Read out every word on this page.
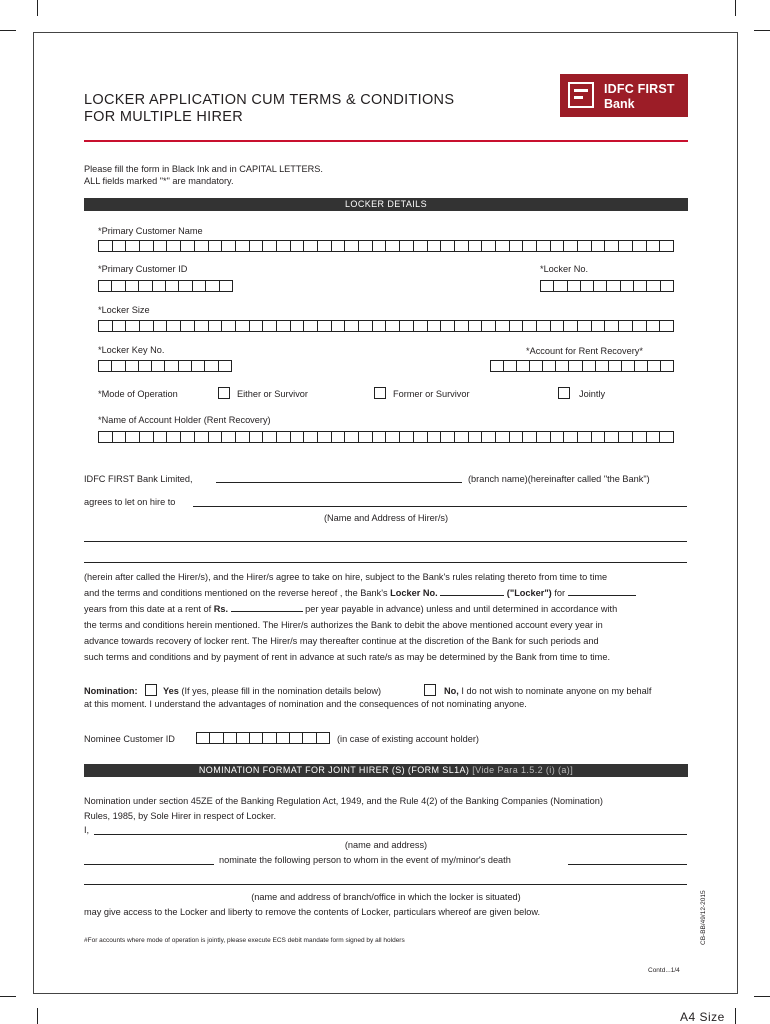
LOCKER APPLICATION CUM TERMS & CONDITIONS
FOR MULTIPLE HIRER
IDFC FIRST
Bank
Please fill the form in Black Ink and in CAPITAL LETTERS.
ALL fields marked "*" are mandatory.
LOCKER DETAILS
*Primary Customer Name
*Primary Customer ID	*Locker No.
*Locker Size
*Locker Key No.	*Account for Rent Recovery*
*Mode of Operation	Either or Survivor	Former or Survivor	Jointly
*Name of Account Holder (Rent Recovery)
IDFC FIRST Bank Limited,	(branch name)(hereinafter called "the Bank")
agrees to let on hire to
(Name and Address of Hirer/s)
(herein after called the Hirer/s), and the Hirer/s agree to take on hire, subject to the Bank's rules relating thereto from time to time
and the terms and conditions mentioned on the reverse hereof , the Bank's Locker No.	("Locker") for
years from this date at a rent of Rs.	per year payable in advance) unless and until determined in accordance with
the terms and conditions herein mentioned. The Hirer/s authorizes the Bank to debit the above mentioned account every year in
advance towards recovery of locker rent. The Hirer/s may thereafter continue at the discretion of the Bank for such periods and
such terms and conditions and by payment of rent in advance at such rate/s as may be determined by the Bank from time to time.
Nomination:	Yes (If yes, please fill in the nomination details below)	No, I do not wish to nominate anyone on my behalf
at this moment. I understand the advantages of nomination and the consequences of not nominating anyone.
Nominee Customer ID	(in case of existing account holder)
NOMINATION FORMAT FOR JOINT HIRER (S) (FORM SL1A) [Vide Para 1.5.2 (i) (a)]
Nomination under section 45ZE of the Banking Regulation Act, 1949, and the Rule 4(2) of the Banking Companies (Nomination)
Rules, 1985, by Sole Hirer in respect of Locker.
I,
(name and address)
nominate the following person to whom in the event of my/minor's death
(name and address of branch/office in which the locker is situated)
may give access to the Locker and liberty to remove the contents of Locker, particulars whereof are given below.
#For accounts where mode of operation is jointly, please execute ECS debit mandate form signed by all holders	CB-BB/49/12-2015
Contd...1/4
A4 Size
